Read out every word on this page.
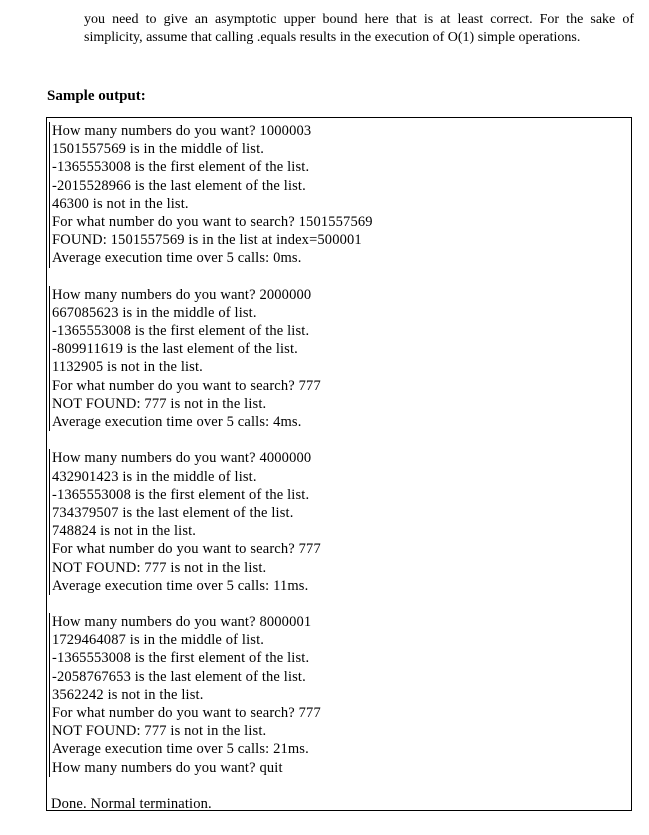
you need to give an asymptotic upper bound here that is at least correct. For the sake of simplicity, assume that calling .equals results in the execution of O(1) simple operations.

Sample output:

How many numbers do you want? 1000003
1501557569 is in the middle of list.
-1365553008 is the first element of the list.
-2015528966 is the last element of the list.
46300 is not in the list.
For what number do you want to search? 1501557569
FOUND: 1501557569 is in the list at index=500001
Average execution time over 5 calls: 0ms.
How many numbers do you want? 2000000
667085623 is in the middle of list.
-1365553008 is the first element of the list.
-809911619 is the last element of the list.
1132905 is not in the list.
For what number do you want to search? 777
NOT FOUND: 777 is not in the list.
Average execution time over 5 calls: 4ms.
How many numbers do you want? 4000000
432901423 is in the middle of list.
-1365553008 is the first element of the list.
734379507 is the last element of the list.
748824 is not in the list.
For what number do you want to search? 777
NOT FOUND: 777 is not in the list.
Average execution time over 5 calls: 11ms.
How many numbers do you want? 8000001
1729464087 is in the middle of list.
-1365553008 is the first element of the list.
-2058767653 is the last element of the list.
3562242 is not in the list.
For what number do you want to search? 777
NOT FOUND: 777 is not in the list.
Average execution time over 5 calls: 21ms.
How many numbers do you want? quit
Done. Normal termination.
